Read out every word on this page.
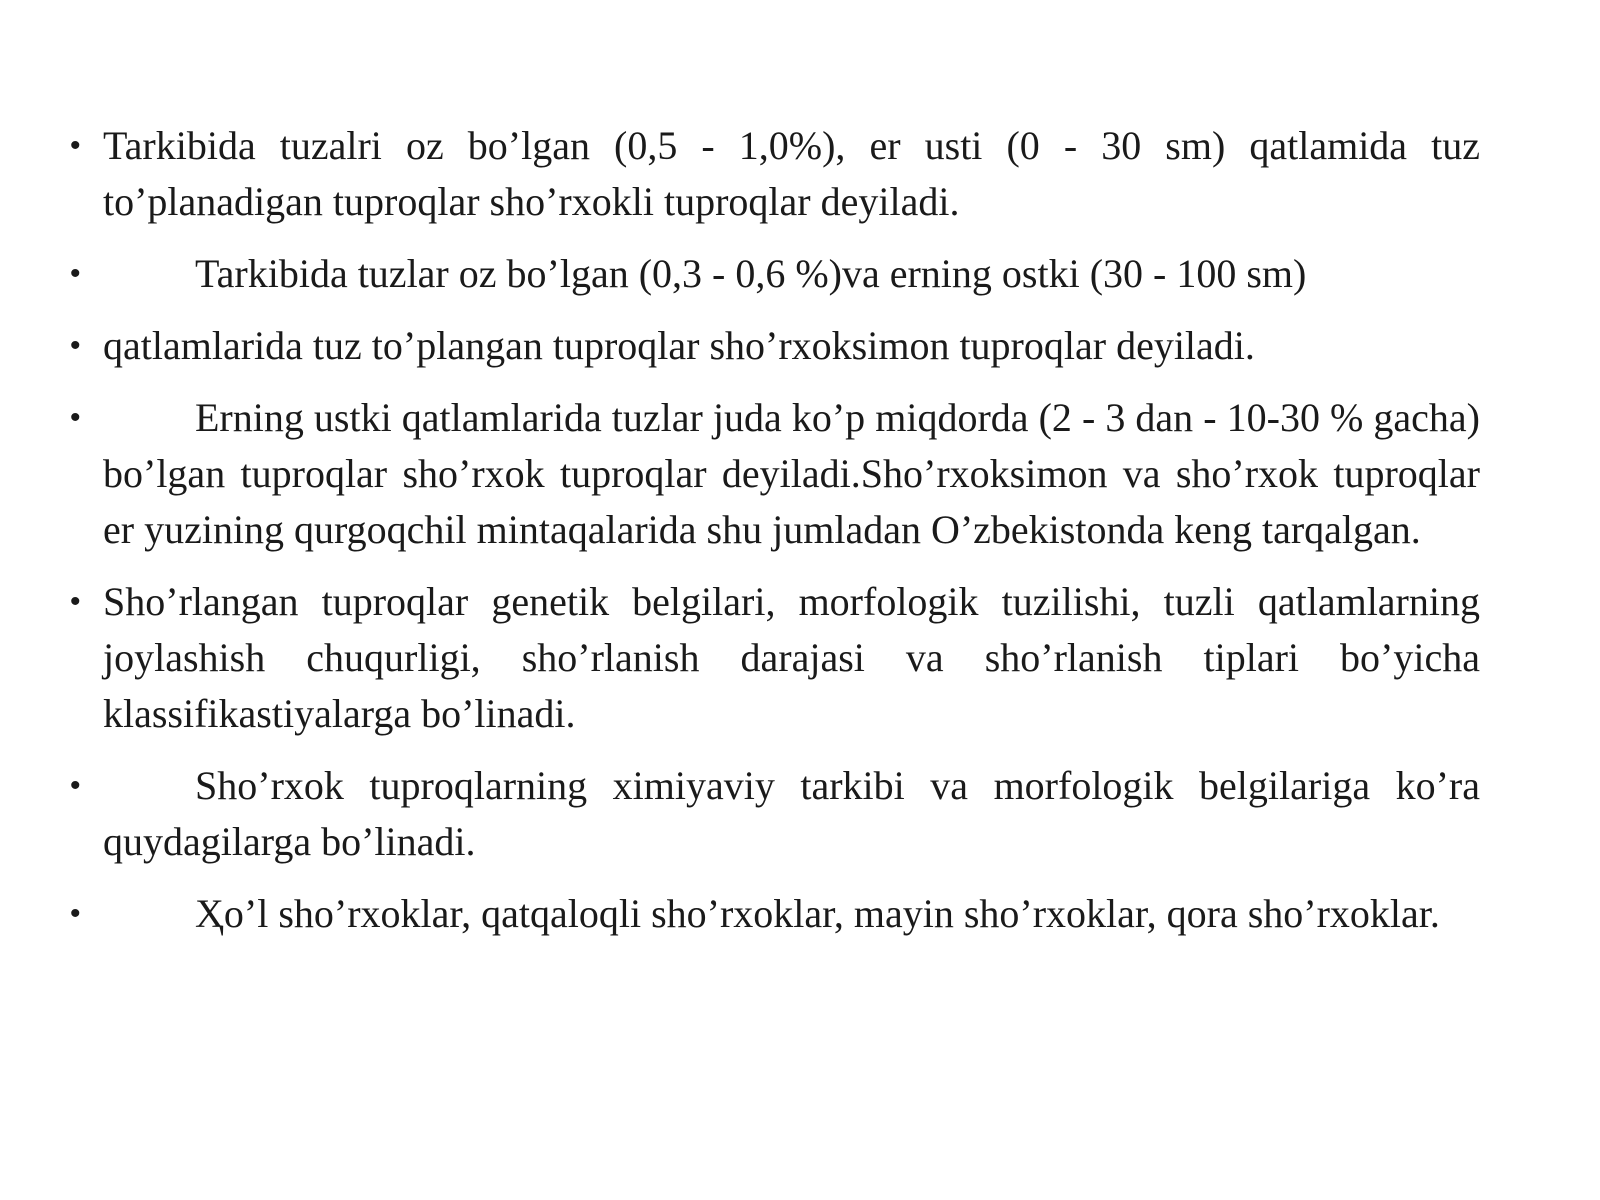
• Tarkibida tuzalri oz bo’lgan (0,5 - 1,0%), er usti (0 - 30 sm) qatlamida tuz to’planadigan tuproqlar sho’rxokli tuproqlar deyiladi.
•	Tarkibida tuzlar oz bo’lgan (0,3 - 0,6 %)va erning ostki (30 - 100 sm)
• qatlamlarida tuz to’plangan tuproqlar sho’rxoksimon tuproqlar deyiladi.
•	Erning ustki qatlamlarida tuzlar juda ko’p miqdorda (2 - 3 dan - 10-30 % gacha) bo’lgan tuproqlar sho’rxok tuproqlar deyiladi.Sho’rxoksimon va sho’rxok tuproqlar er yuzining qurgoqchil mintaqalarida shu jumladan O’zbekistonda keng tarqalgan.
• Sho’rlangan tuproqlar genetik belgilari, morfologik tuzilishi, tuzli qatlamlarning joylashish chuqurligi, sho’rlanish darajasi va sho’rlanish tiplari bo’yicha klassifikastiyalarga bo’linadi.
•	Sho’rxok tuproqlarning ximiyaviy tarkibi va morfologik belgilariga ko’ra quydagilarga bo’linadi.
•	Ҳo’l sho’rxoklar, qatqaloqli sho’rxoklar, mayin sho’rxoklar, qora sho’rxoklar.
